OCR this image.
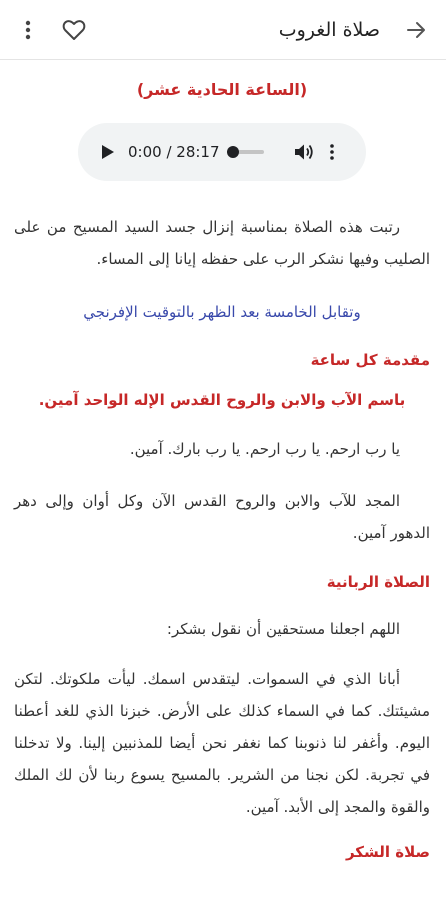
صلاة الغروب
(الساعة الحادية عشر)
0:00 / 28:17

رتبت هذه الصلاة بمناسبة إنزال جسد السيد المسيح من على الصليب وفيها نشكر الرب على حفظه إيانا إلى المساء.

وتقابل الخامسة بعد الظهر بالتوقيت الإفرنجي

مقدمة كل ساعة

باسم الآب والابن والروح القدس الإله الواحد آمين.

يا رب ارحم. يا رب ارحم. يا رب بارك. آمين.

المجد للآب والابن والروح القدس الآن وكل أوان وإلى دهر الدهور آمين.

الصلاة الربانية

اللهم اجعلنا مستحقين أن نقول بشكر:

أبانا الذي في السموات. ليتقدس اسمك. ليأت ملكوتك. لتكن مشيئتك. كما في السماء كذلك على الأرض. خبزنا الذي للغد أعطنا اليوم. وأغفر لنا ذنوبنا كما نغفر نحن أيضا للمذنبين إلينا. ولا تدخلنا في تجربة. لكن نجنا من الشرير. بالمسيح يسوع ربنا لأن لك الملك والقوة والمجد إلى الأبد. آمين.

صلاة الشكر
